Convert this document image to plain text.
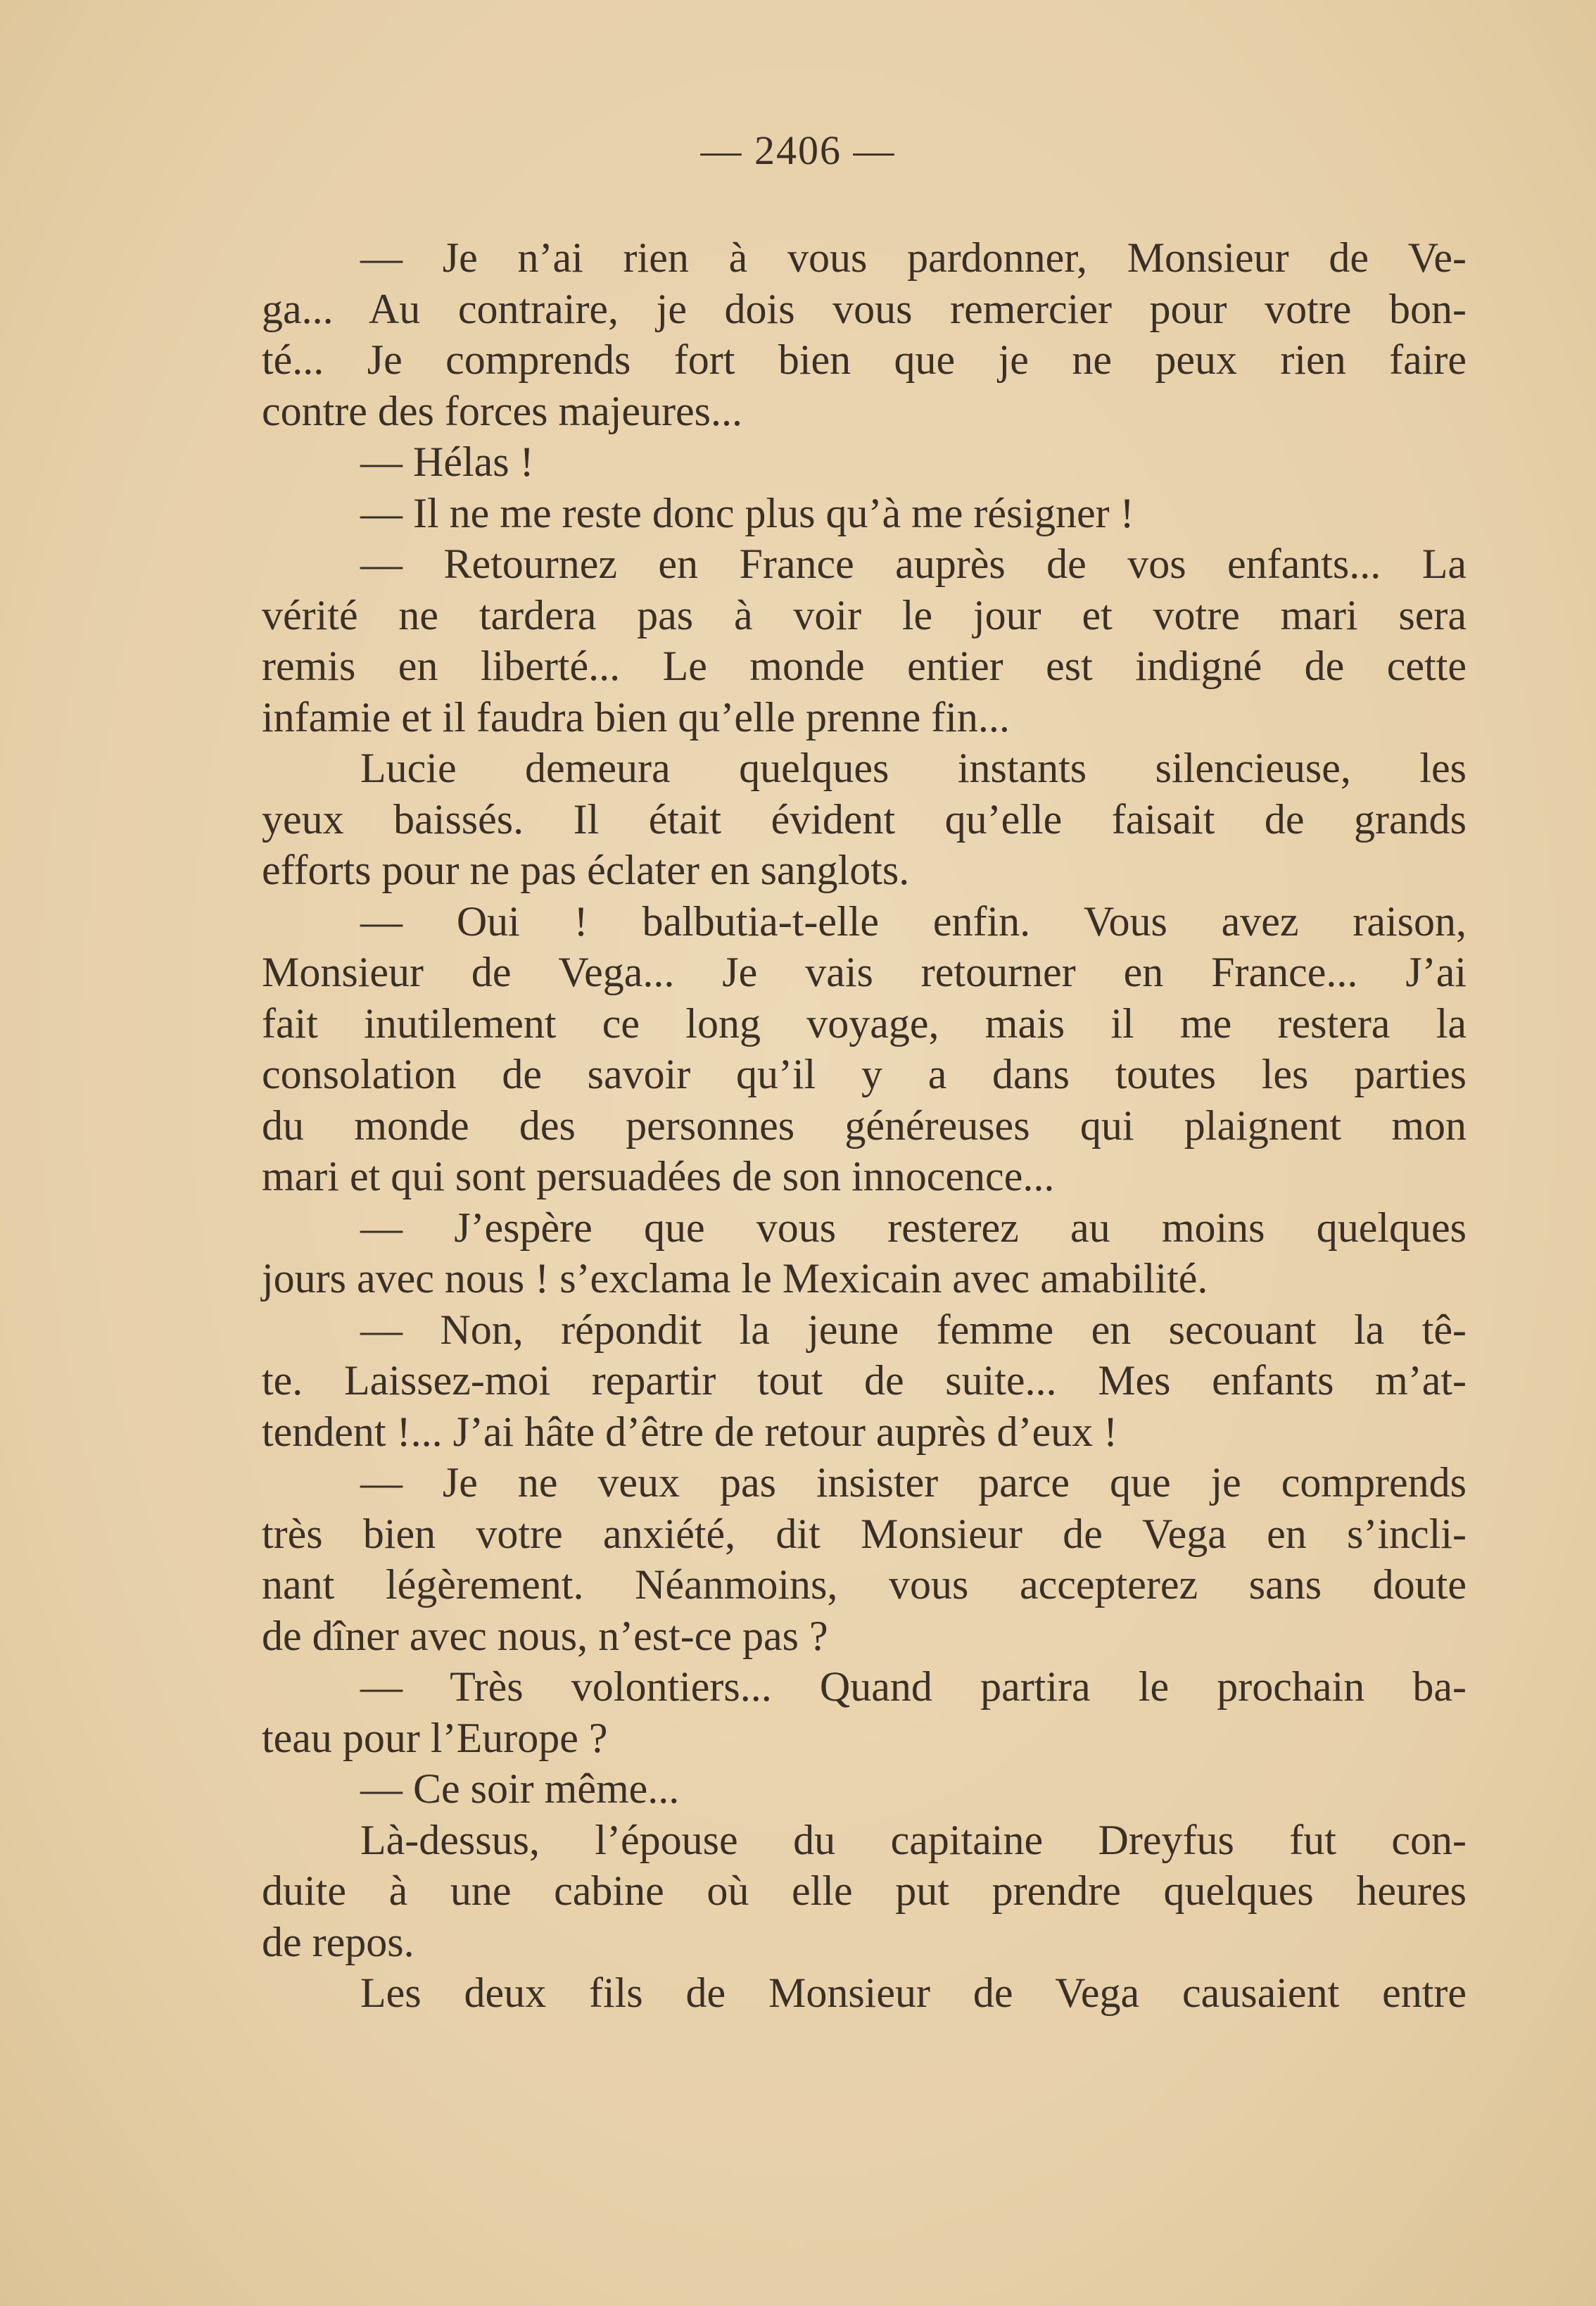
— 2406 —
— Je n’ai rien à vous pardonner, Monsieur de Ve-
ga... Au contraire, je dois vous remercier pour votre bon-
té... Je comprends fort bien que je ne peux rien faire
contre des forces majeures...
— Hélas !
— Il ne me reste donc plus qu’à me résigner !
— Retournez en France auprès de vos enfants... La
vérité ne tardera pas à voir le jour et votre mari sera
remis en liberté... Le monde entier est indigné de cette
infamie et il faudra bien qu’elle prenne fin...
Lucie demeura quelques instants silencieuse, les
yeux baissés. Il était évident qu’elle faisait de grands
efforts pour ne pas éclater en sanglots.
— Oui ! balbutia-t-elle enfin. Vous avez raison,
Monsieur de Vega... Je vais retourner en France... J’ai
fait inutilement ce long voyage, mais il me restera la
consolation de savoir qu’il y a dans toutes les parties
du monde des personnes généreuses qui plaignent mon
mari et qui sont persuadées de son innocence...
— J’espère que vous resterez au moins quelques
jours avec nous ! s’exclama le Mexicain avec amabilité.
— Non, répondit la jeune femme en secouant la tê-
te. Laissez-moi repartir tout de suite... Mes enfants m’at-
tendent !... J’ai hâte d’être de retour auprès d’eux !
— Je ne veux pas insister parce que je comprends
très bien votre anxiété, dit Monsieur de Vega en s’incli-
nant légèrement. Néanmoins, vous accepterez sans doute
de dîner avec nous, n’est-ce pas ?
— Très volontiers... Quand partira le prochain ba-
teau pour l’Europe ?
— Ce soir même...
Là-dessus, l’épouse du capitaine Dreyfus fut con-
duite à une cabine où elle put prendre quelques heures
de repos.
Les deux fils de Monsieur de Vega causaient entre
